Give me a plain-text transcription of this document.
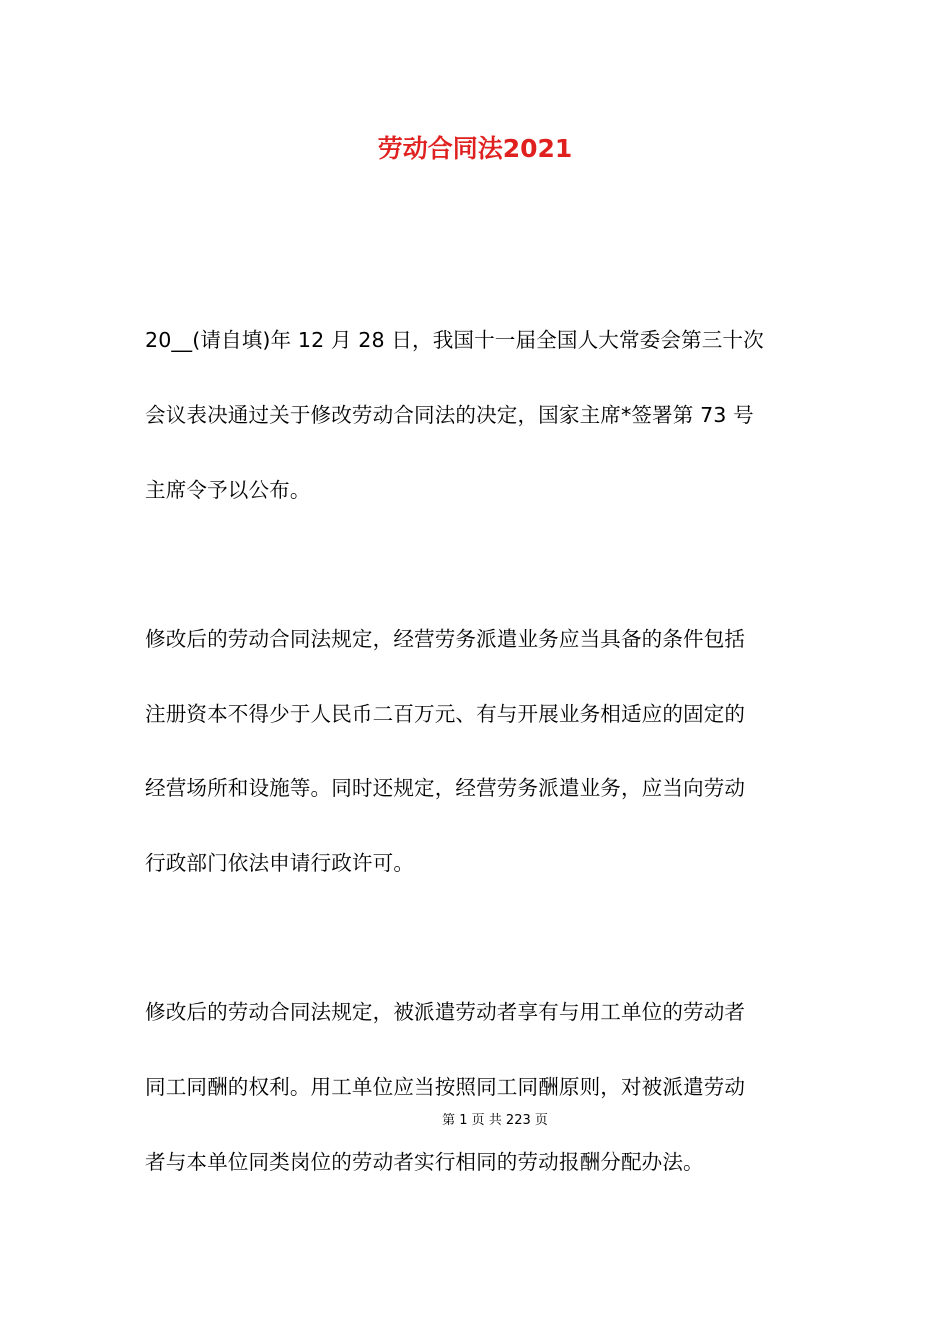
劳动合同法2021
20__(请自填)年 12 月 28 日，我国十一届全国人大常委会第三十次
会议表决通过关于修改劳动合同法的决定，国家主席*签署第 73 号
主席令予以公布。
修改后的劳动合同法规定，经营劳务派遣业务应当具备的条件包括
注册资本不得少于人民币二百万元、有与开展业务相适应的固定的
经营场所和设施等。同时还规定，经营劳务派遣业务，应当向劳动
行政部门依法申请行政许可。
修改后的劳动合同法规定，被派遣劳动者享有与用工单位的劳动者
同工同酬的权利。用工单位应当按照同工同酬原则，对被派遣劳动
者与本单位同类岗位的劳动者实行相同的劳动报酬分配办法。
第 1 页 共 223 页
